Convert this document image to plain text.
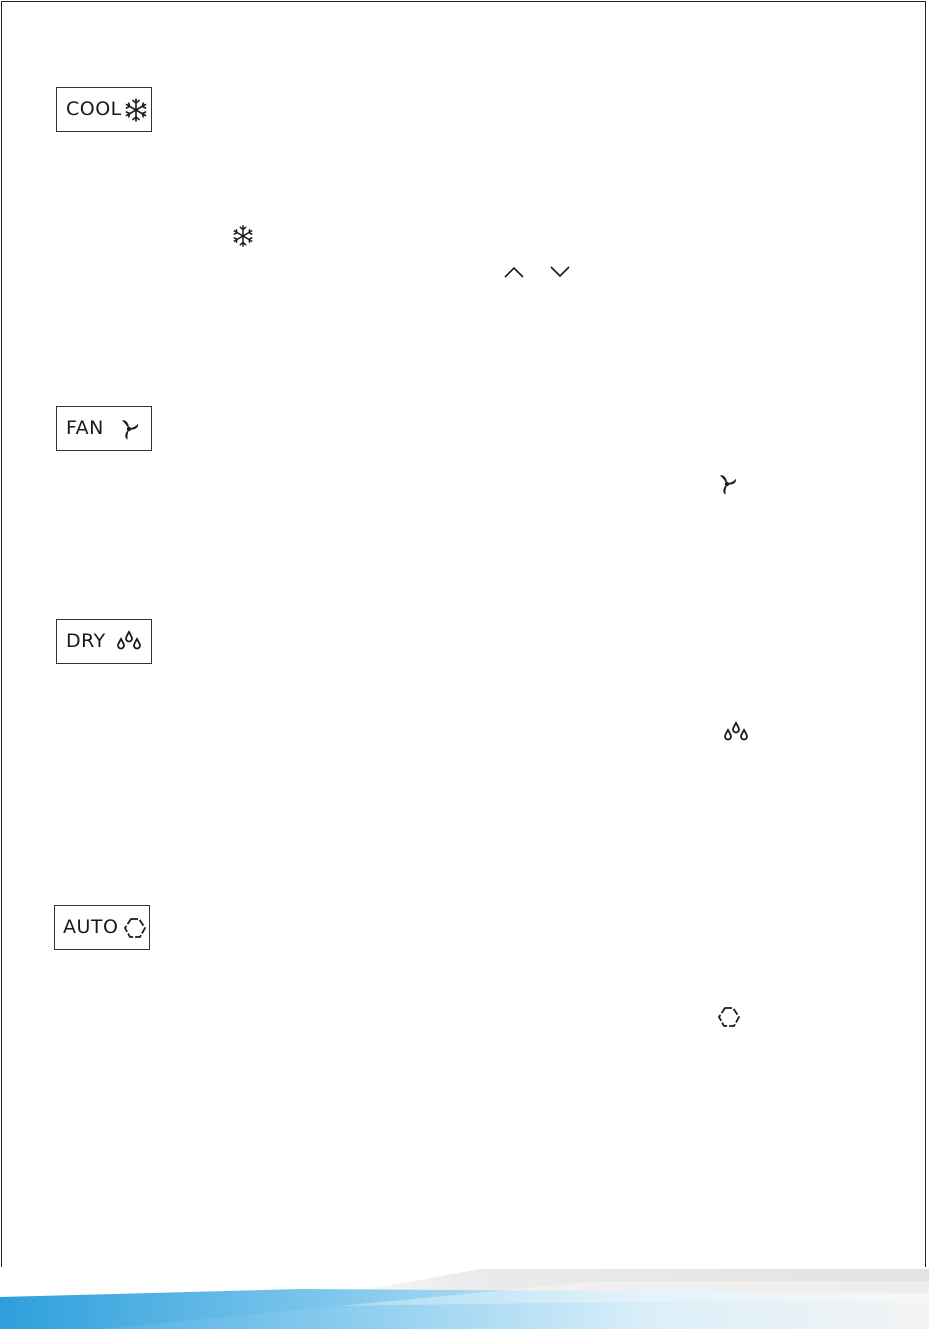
COOL
FAN
DRY
AUTO
